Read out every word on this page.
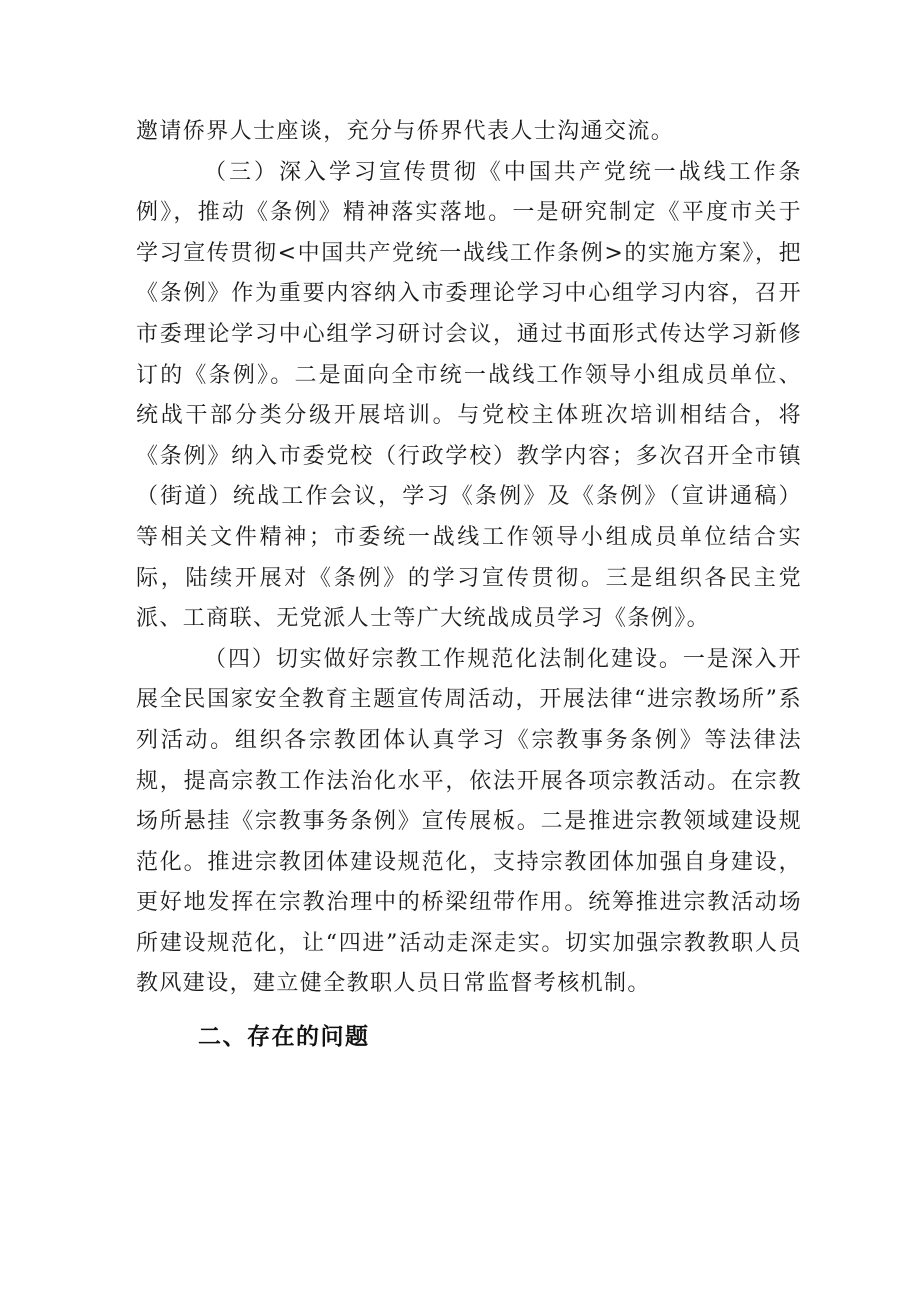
邀请侨界人士座谈，充分与侨界代表人士沟通交流。

（三）深入学习宣传贯彻《中国共产党统一战线工作条例》，推动《条例》精神落实落地。一是研究制定《平度市关于学习宣传贯彻<中国共产党统一战线工作条例>的实施方案》，把《条例》作为重要内容纳入市委理论学习中心组学习内容，召开市委理论学习中心组学习研讨会议，通过书面形式传达学习新修订的《条例》。二是面向全市统一战线工作领导小组成员单位、统战干部分类分级开展培训。与党校主体班次培训相结合，将《条例》纳入市委党校（行政学校）教学内容；多次召开全市镇（街道）统战工作会议，学习《条例》及《条例》（宣讲通稿）等相关文件精神；市委统一战线工作领导小组成员单位结合实际，陆续开展对《条例》的学习宣传贯彻。三是组织各民主党派、工商联、无党派人士等广大统战成员学习《条例》。

（四）切实做好宗教工作规范化法制化建设。一是深入开展全民国家安全教育主题宣传周活动，开展法律“进宗教场所”系列活动。组织各宗教团体认真学习《宗教事务条例》等法律法规，提高宗教工作法治化水平，依法开展各项宗教活动。在宗教场所悬挂《宗教事务条例》宣传展板。二是推进宗教领域建设规范化。推进宗教团体建设规范化，支持宗教团体加强自身建设，更好地发挥在宗教治理中的桥梁纽带作用。统筹推进宗教活动场所建设规范化，让“四进”活动走深走实。切实加强宗教教职人员教风建设，建立健全教职人员日常监督考核机制。

二、存在的问题
